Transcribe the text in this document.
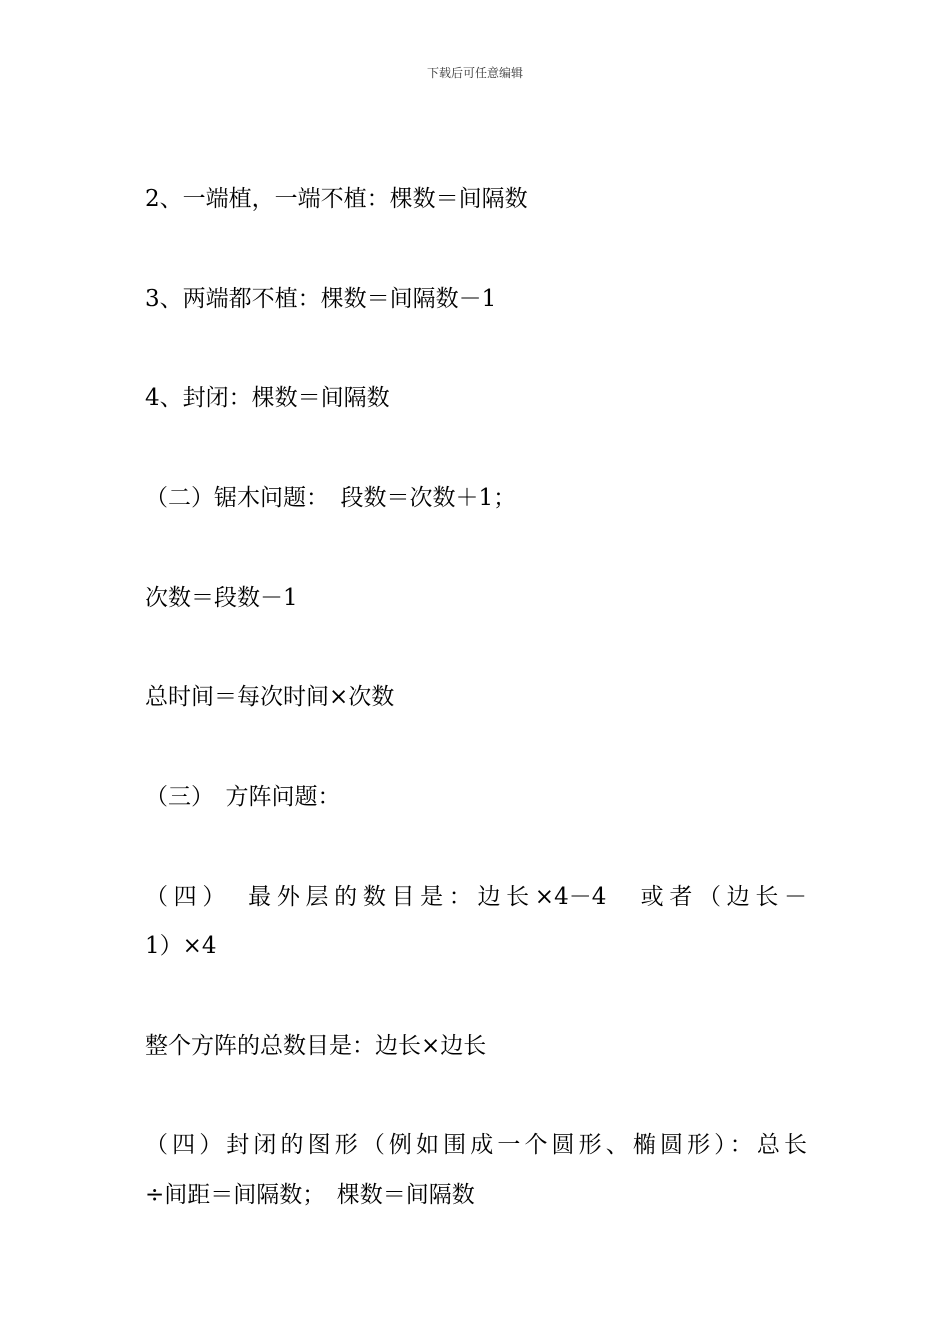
下载后可任意编辑
2、一端植，一端不植：棵数＝间隔数
3、两端都不植：棵数＝间隔数－1
4、封闭：棵数＝间隔数
（二）锯木问题：　段数＝次数＋1；
次数＝段数－1
总时间＝每次时间×次数
（三）　方阵问题：
（四）　最外层的数目是：边长×4－4　或者（边长－
1）×4
整个方阵的总数目是：边长×边长
（四）封闭的图形（例如围成一个圆形、椭圆形）：总长
÷间距＝间隔数；　棵数＝间隔数
